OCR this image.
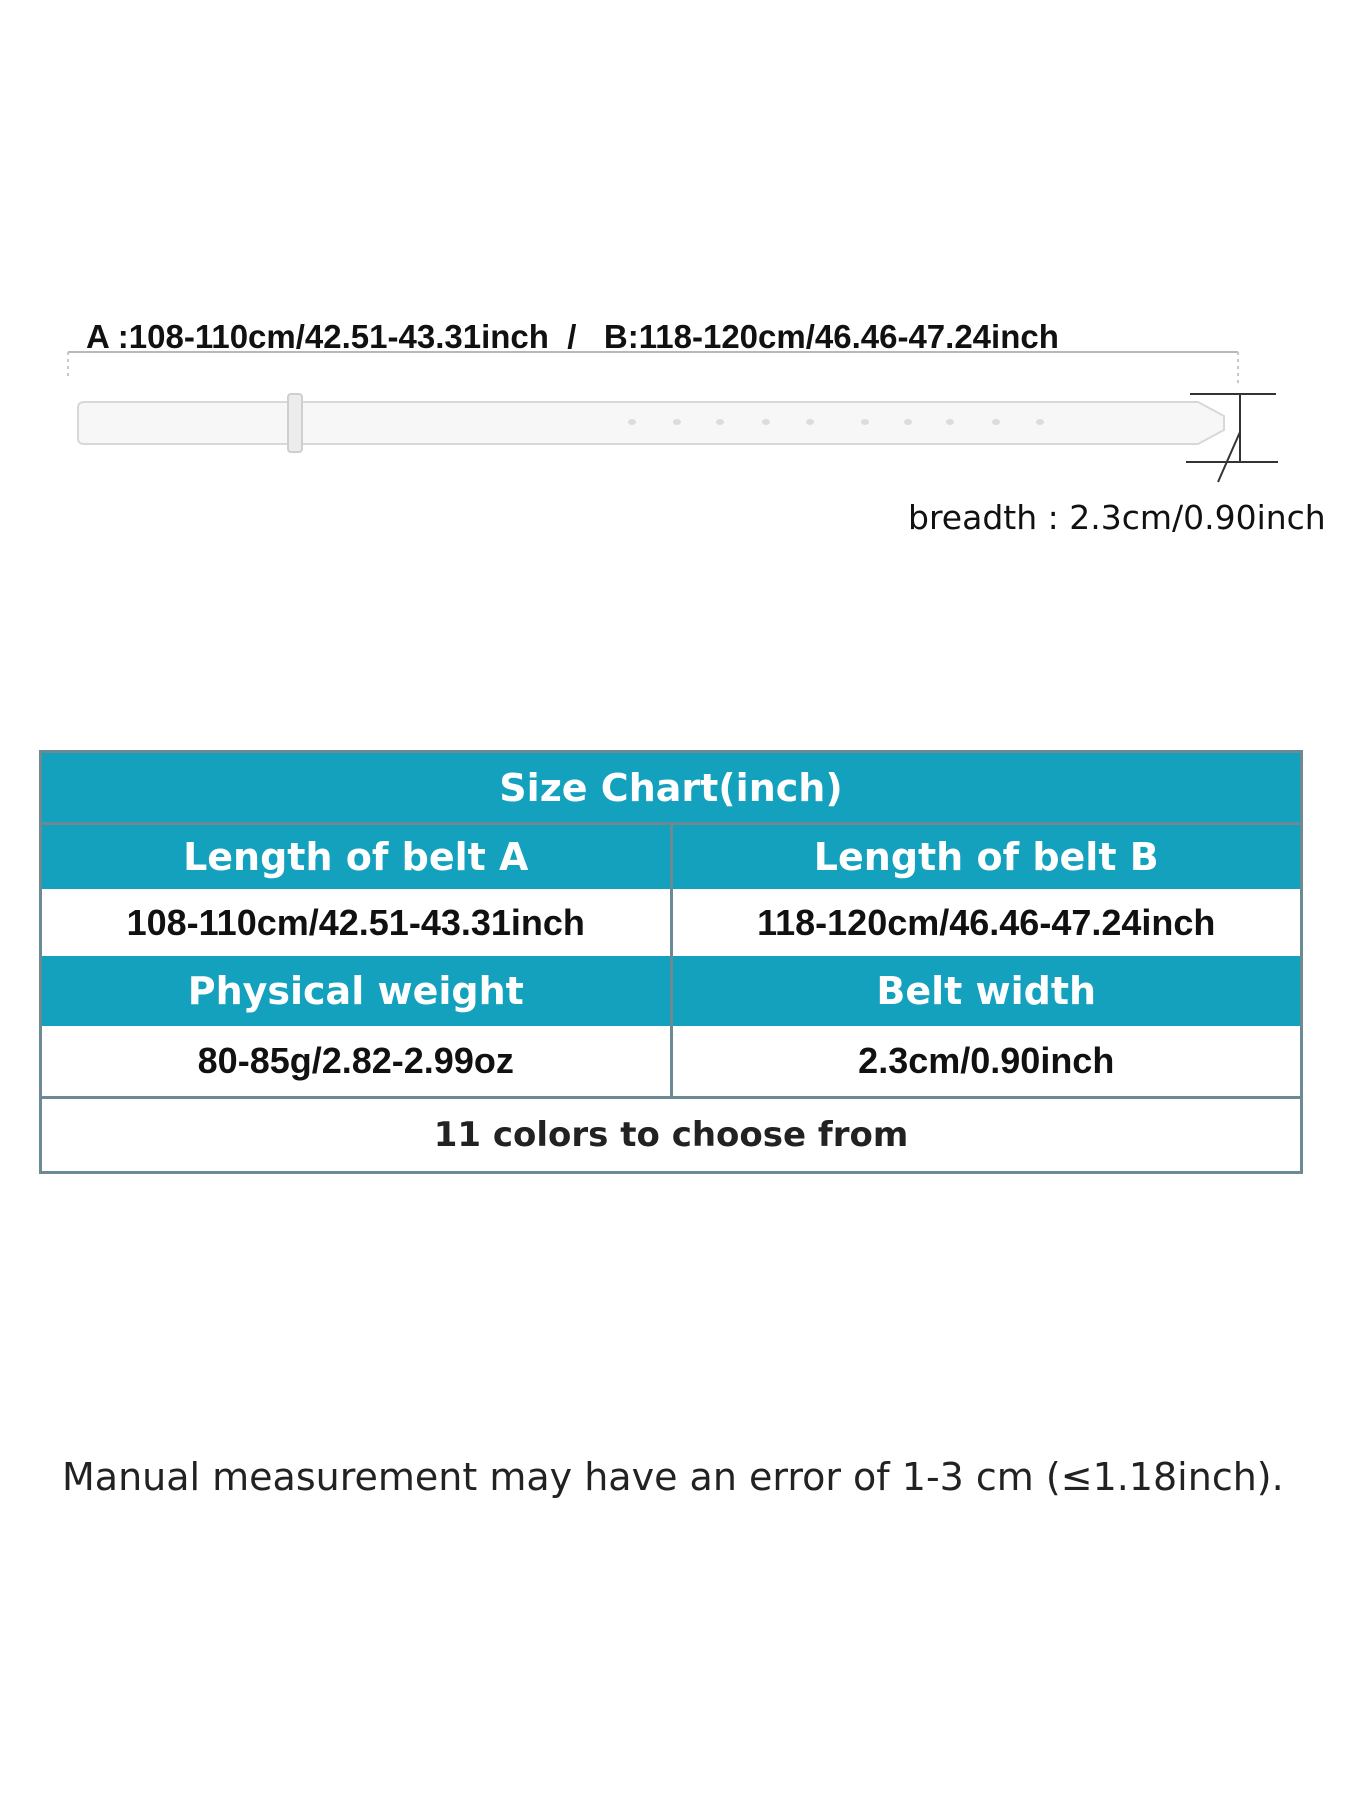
A :108-110cm/42.51-43.31inch  /   B:118-120cm/46.46-47.24inch
breadth : 2.3cm/0.90inch
Size Chart(inch)
Length of belt A	Length of belt B
108-110cm/42.51-43.31inch	118-120cm/46.46-47.24inch
Physical weight	Belt width
80-85g/2.82-2.99oz	2.3cm/0.90inch
11 colors to choose from
Manual measurement may have an error of 1-3 cm (≤1.18inch).
